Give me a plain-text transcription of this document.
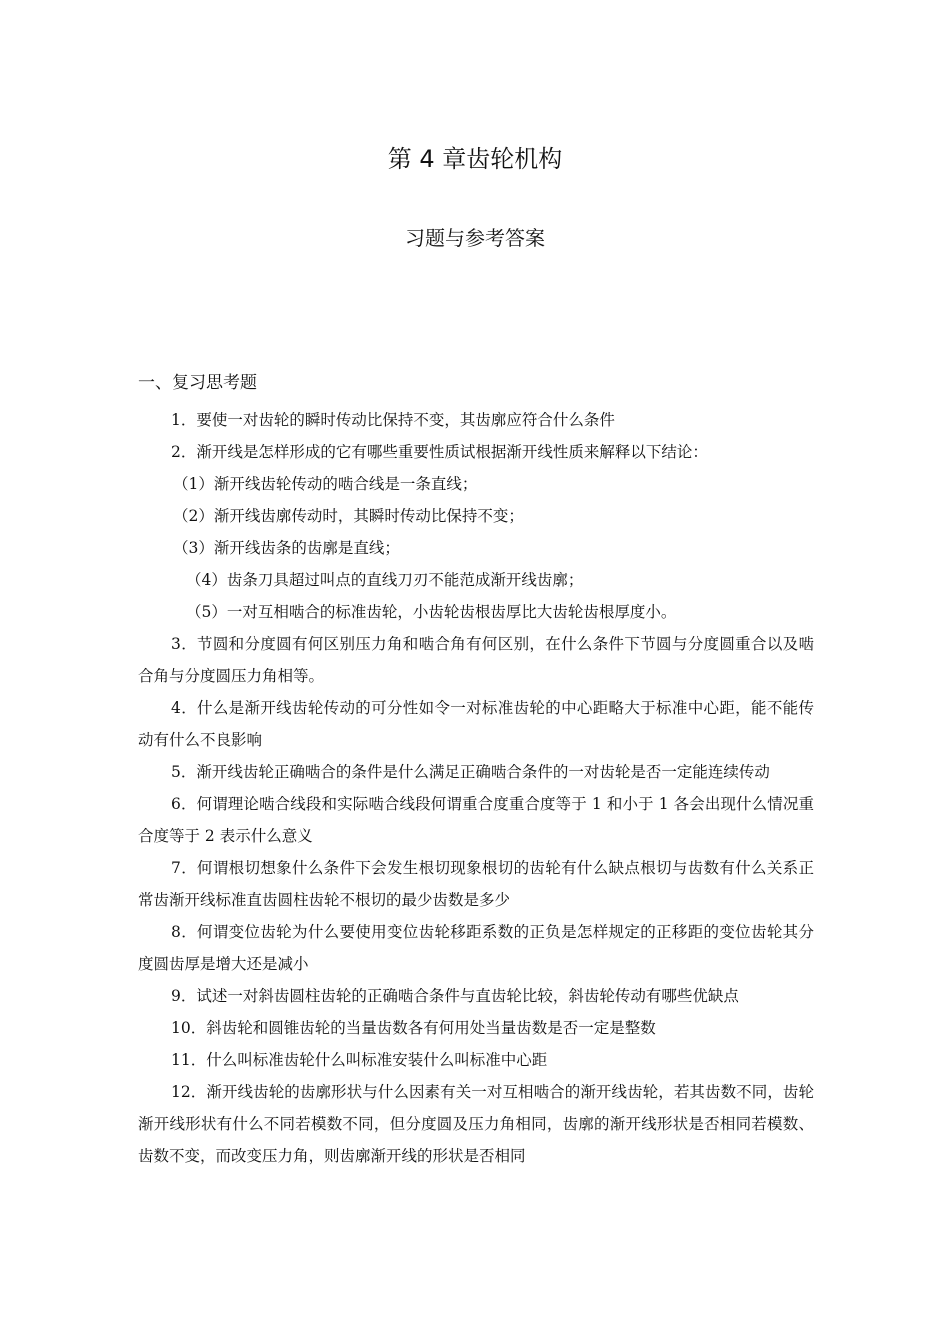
第 4 章齿轮机构
习题与参考答案
一、复习思考题

1．要使一对齿轮的瞬时传动比保持不变，其齿廓应符合什么条件

2．渐开线是怎样形成的它有哪些重要性质试根据渐开线性质来解释以下结论：

（1）渐开线齿轮传动的啮合线是一条直线；

（2）渐开线齿廓传动时，其瞬时传动比保持不变；

（3）渐开线齿条的齿廓是直线；

（4）齿条刀具超过叫点的直线刀刃不能范成渐开线齿廓；

（5）一对互相啮合的标准齿轮，小齿轮齿根齿厚比大齿轮齿根厚度小。

3．节圆和分度圆有何区别压力角和啮合角有何区别，在什么条件下节圆与分度圆重合以及啮合角与分度圆压力角相等。

4．什么是渐开线齿轮传动的可分性如令一对标准齿轮的中心距略大于标准中心距，能不能传动有什么不良影响

5．渐开线齿轮正确啮合的条件是什么满足正确啮合条件的一对齿轮是否一定能连续传动

6．何谓理论啮合线段和实际啮合线段何谓重合度重合度等于 1 和小于 1 各会出现什么情况重合度等于 2 表示什么意义

7．何谓根切想象什么条件下会发生根切现象根切的齿轮有什么缺点根切与齿数有什么关系正常齿渐开线标准直齿圆柱齿轮不根切的最少齿数是多少

8．何谓变位齿轮为什么要使用变位齿轮移距系数的正负是怎样规定的正移距的变位齿轮其分度圆齿厚是增大还是减小

9．试述一对斜齿圆柱齿轮的正确啮合条件与直齿轮比较，斜齿轮传动有哪些优缺点

10．斜齿轮和圆锥齿轮的当量齿数各有何用处当量齿数是否一定是整数

11．什么叫标准齿轮什么叫标准安装什么叫标准中心距

12．渐开线齿轮的齿廓形状与什么因素有关一对互相啮合的渐开线齿轮，若其齿数不同，齿轮渐开线形状有什么不同若模数不同，但分度圆及压力角相同，齿廓的渐开线形状是否相同若模数、齿数不变，而改变压力角，则齿廓渐开线的形状是否相同
